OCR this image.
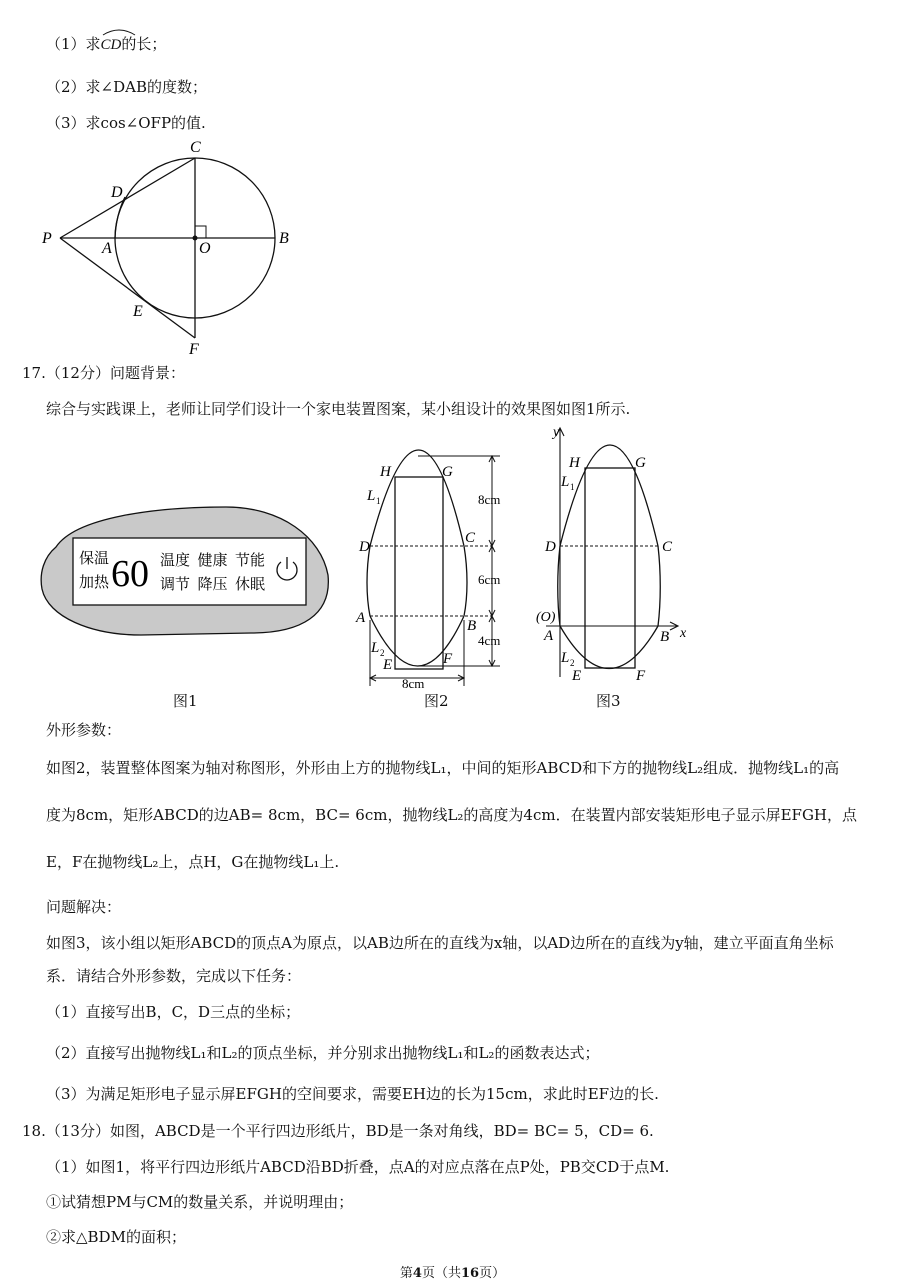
（1）求
CD的长；
（2）求∠DAB的度数；
（3）求cos∠OFP的值.
C
D
P
A	O
B
E
F
17.（12分）问题背景：
综合与实践课上，老师让同学们设计一个家电装置图案，某小组设计的效果图如图1所示.
保温
加热 60 温度  健康  节能
调节  降压  休眠
图1
H	G
L 1
D
C
A	B
L 2
E	F
8cm
6cm
4cm
8cm
图2
y
H	G
L 1
D	C
(O)
A	B x
L 2
E	F
图3
外形参数：
如图2，装置整体图案为轴对称图形，外形由上方的抛物线L₁，中间的矩形ABCD和下方的抛物线L₂组成．抛物线L₁的高
度为8cm，矩形ABCD的边AB= 8cm，BC= 6cm，抛物线L₂的高度为4cm．在装置内部安装矩形电子显示屏EFGH，点
E，F在抛物线L₂上，点H，G在抛物线L₁上.
问题解决：
如图3，该小组以矩形ABCD的顶点A为原点，以AB边所在的直线为x轴，以AD边所在的直线为y轴，建立平面直角坐标
系．请结合外形参数，完成以下任务：
（1）直接写出B，C，D三点的坐标；
（2）直接写出抛物线L₁和L₂的顶点坐标，并分别求出抛物线L₁和L₂的函数表达式；
（3）为满足矩形电子显示屏EFGH的空间要求，需要EH边的长为15cm，求此时EF边的长.
18.（13分）如图，ABCD是一个平行四边形纸片，BD是一条对角线，BD= BC= 5，CD= 6.
（1）如图1，将平行四边形纸片ABCD沿BD折叠，点A的对应点落在点P处，PB交CD于点M.
①试猜想PM与CM的数量关系，并说明理由；
②求△BDM的面积；
第4页（共16页）
